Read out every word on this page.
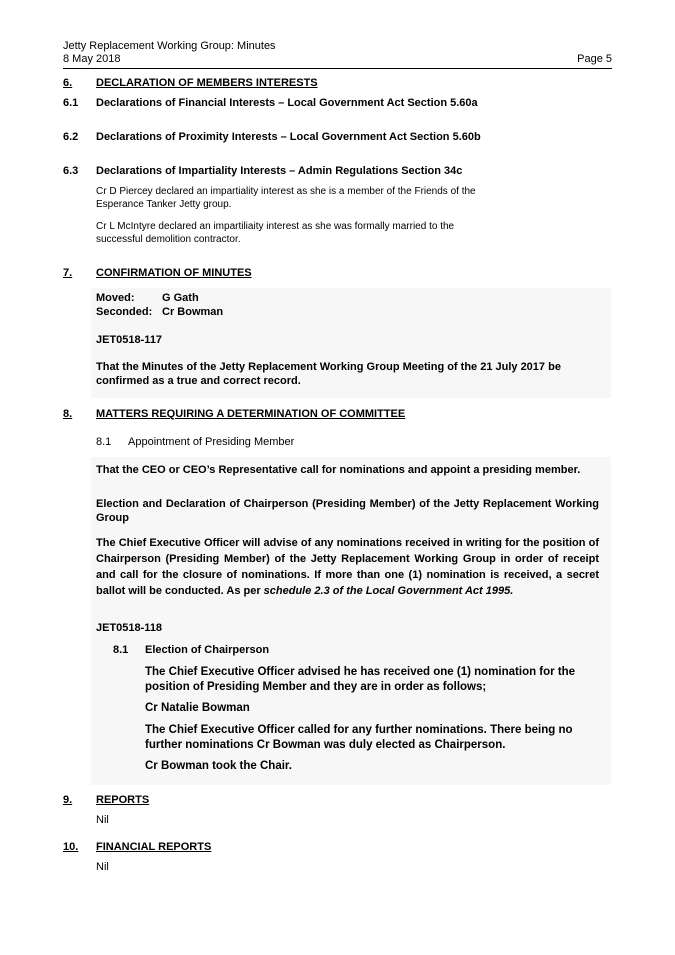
Jetty Replacement Working Group: Minutes
8 May 2018	Page 5
6.	DECLARATION OF MEMBERS INTERESTS
6.1	Declarations of Financial Interests – Local Government Act Section 5.60a
6.2	Declarations of Proximity Interests – Local Government Act Section 5.60b
6.3	Declarations of Impartiality Interests – Admin Regulations Section 34c
Cr D Piercey declared an impartiality interest as she is a member of the Friends of the
Esperance Tanker Jetty group.
Cr L McIntyre declared an impartiliaity interest as she was formally married to the
successful demolition contractor.
7.	CONFIRMATION OF MINUTES
Moved:	G Gath
Seconded: Cr Bowman
JET0518-117
That the Minutes of the Jetty Replacement Working Group Meeting of the 21 July 2017 be confirmed as a true and correct record.
8.	MATTERS REQUIRING A DETERMINATION OF COMMITTEE
8.1	Appointment of Presiding Member
That the CEO or CEO’s Representative call for nominations and appoint a presiding member.
Election and Declaration of Chairperson (Presiding Member) of the Jetty Replacement Working Group
The Chief Executive Officer will advise of any nominations received in writing for the position of Chairperson (Presiding Member) of the Jetty Replacement Working Group in order of receipt and call for the closure of nominations. If more than one (1) nomination is received, a secret ballot will be conducted. As per schedule 2.3 of the Local Government Act 1995.
JET0518-118
8.1	Election of Chairperson
The Chief Executive Officer advised he has received one (1) nomination for the position of Presiding Member and they are in order as follows;
Cr Natalie Bowman
The Chief Executive Officer called for any further nominations. There being no further nominations Cr Bowman was duly elected as Chairperson.
Cr Bowman took the Chair.
9.	REPORTS
Nil
10.	FINANCIAL REPORTS
Nil
